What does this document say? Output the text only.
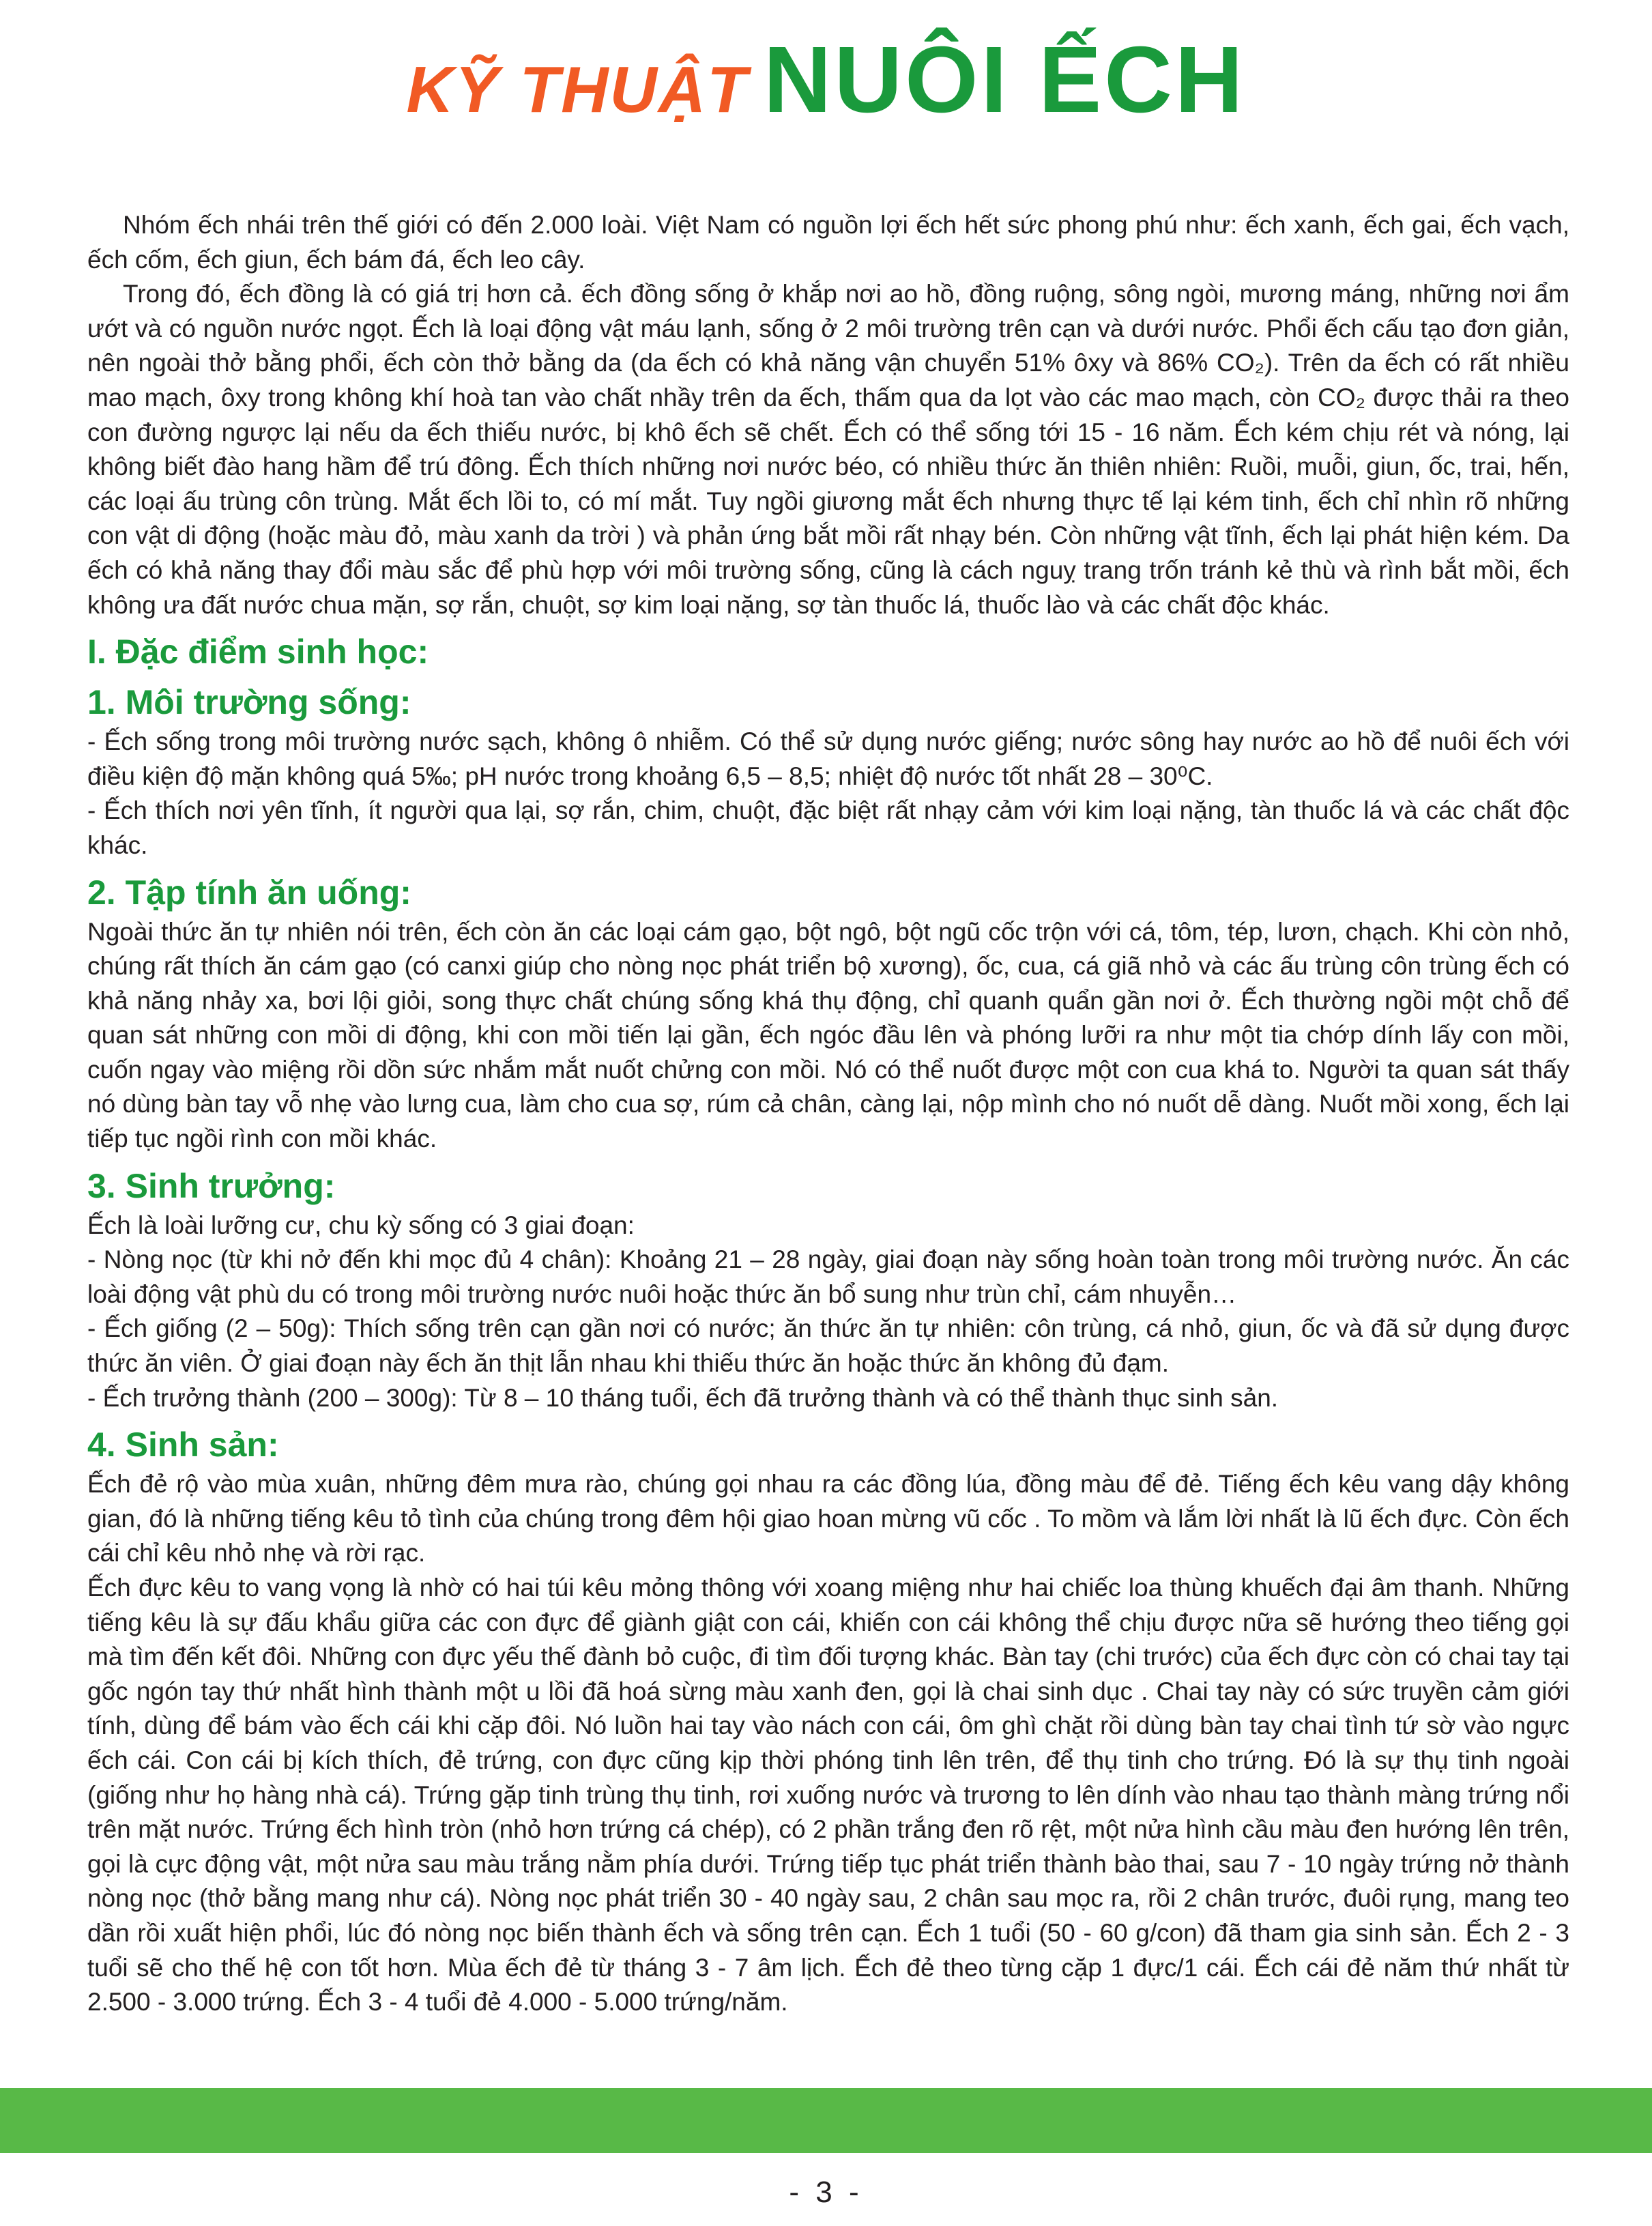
KỸ THUẬT NUÔI ẾCH

Nhóm ếch nhái trên thế giới có đến 2.000 loài. Việt Nam có nguồn lợi ếch hết sức phong phú như: ếch xanh, ếch gai, ếch vạch, ếch cốm, ếch giun, ếch bám đá, ếch leo cây.

Trong đó, ếch đồng là có giá trị hơn cả. ếch đồng sống ở khắp nơi ao hồ, đồng ruộng, sông ngòi, mương máng, những nơi ẩm ướt và có nguồn nước ngọt. Ếch là loại động vật máu lạnh, sống ở 2 môi trường trên cạn và dưới nước. Phổi ếch cấu tạo đơn giản, nên ngoài thở bằng phổi, ếch còn thở bằng da (da ếch có khả năng vận chuyển 51% ôxy và 86% CO₂). Trên da ếch có rất nhiều mao mạch, ôxy trong không khí hoà tan vào chất nhầy trên da ếch, thấm qua da lọt vào các mao mạch, còn CO₂ được thải ra theo con đường ngược lại nếu da ếch thiếu nước, bị khô ếch sẽ chết. Ếch có thể sống tới 15 - 16 năm. Ếch kém chịu rét và nóng, lại không biết đào hang hầm để trú đông. Ếch thích những nơi nước béo, có nhiều thức ăn thiên nhiên: Ruồi, muỗi, giun, ốc, trai, hến, các loại ấu trùng côn trùng. Mắt ếch lồi to, có mí mắt. Tuy ngồi giương mắt ếch nhưng thực tế lại kém tinh, ếch chỉ nhìn rõ những con vật di động (hoặc màu đỏ, màu xanh da trời ) và phản ứng bắt mồi rất nhạy bén. Còn những vật tĩnh, ếch lại phát hiện kém. Da ếch có khả năng thay đổi màu sắc để phù hợp với môi trường sống, cũng là cách nguỵ trang trốn tránh kẻ thù và rình bắt mồi, ếch không ưa đất nước chua mặn, sợ rắn, chuột, sợ kim loại nặng, sợ tàn thuốc lá, thuốc lào và các chất độc khác.

I. Đặc điểm sinh học:
1. Môi trường sống:

- Ếch sống trong môi trường nước sạch, không ô nhiễm. Có thể sử dụng nước giếng; nước sông hay nước ao hồ để nuôi ếch với điều kiện độ mặn không quá 5‰; pH nước trong khoảng 6,5 – 8,5; nhiệt độ nước tốt nhất 28 – 30⁰C.

- Ếch thích nơi yên tĩnh, ít người qua lại, sợ rắn, chim, chuột, đặc biệt rất nhạy cảm với kim loại nặng, tàn thuốc lá và các chất độc khác.

2. Tập tính ăn uống:

Ngoài thức ăn tự nhiên nói trên, ếch còn ăn các loại cám gạo, bột ngô, bột ngũ cốc trộn với cá, tôm, tép, lươn, chạch. Khi còn nhỏ, chúng rất thích ăn cám gạo (có canxi giúp cho nòng nọc phát triển bộ xương), ốc, cua, cá giã nhỏ và các ấu trùng côn trùng ếch có khả năng nhảy xa, bơi lội giỏi, song thực chất chúng sống khá thụ động, chỉ quanh quẩn gần nơi ở. Ếch thường ngồi một chỗ để quan sát những con mồi di động, khi con mồi tiến lại gần, ếch ngóc đầu lên và phóng lưỡi ra như một tia chớp dính lấy con mồi, cuốn ngay vào miệng rồi dồn sức nhắm mắt nuốt chửng con mồi. Nó có thể nuốt được một con cua khá to. Người ta quan sát thấy nó dùng bàn tay vỗ nhẹ vào lưng cua, làm cho cua sợ, rúm cả chân, càng lại, nộp mình cho nó nuốt dễ dàng. Nuốt mồi xong, ếch lại tiếp tục ngồi rình con mồi khác.

3. Sinh trưởng:

Ếch là loài lưỡng cư, chu kỳ sống có 3 giai đoạn:

- Nòng nọc (từ khi nở đến khi mọc đủ 4 chân): Khoảng 21 – 28 ngày, giai đoạn này sống hoàn toàn trong môi trường nước. Ăn các loài động vật phù du có trong môi trường nước nuôi hoặc thức ăn bổ sung như trùn chỉ, cám nhuyễn…

- Ếch giống (2 – 50g): Thích sống trên cạn gần nơi có nước; ăn thức ăn tự nhiên: côn trùng, cá nhỏ, giun, ốc và đã sử dụng được thức ăn viên. Ở giai đoạn này ếch ăn thịt lẫn nhau khi thiếu thức ăn hoặc thức ăn không đủ đạm.

- Ếch trưởng thành (200 – 300g): Từ 8 – 10 tháng tuổi, ếch đã trưởng thành và có thể thành thục sinh sản.

4. Sinh sản:

Ếch đẻ rộ vào mùa xuân, những đêm mưa rào, chúng gọi nhau ra các đồng lúa, đồng màu để đẻ. Tiếng ếch kêu vang dậy không gian, đó là những tiếng kêu tỏ tình của chúng trong đêm hội giao hoan mừng vũ cốc . To mồm và lắm lời nhất là lũ ếch đực. Còn ếch cái chỉ kêu nhỏ nhẹ và rời rạc.

Ếch đực kêu to vang vọng là nhờ có hai túi kêu mỏng thông với xoang miệng như hai chiếc loa thùng khuếch đại âm thanh. Những tiếng kêu là sự đấu khẩu giữa các con đực để giành giật con cái, khiến con cái không thể chịu được nữa sẽ hướng theo tiếng gọi mà tìm đến kết đôi. Những con đực yếu thế đành bỏ cuộc, đi tìm đối tượng khác. Bàn tay (chi trước) của ếch đực còn có chai tay tại gốc ngón tay thứ nhất hình thành một u lồi đã hoá sừng màu xanh đen, gọi là chai sinh dục . Chai tay này có sức truyền cảm giới tính, dùng để bám vào ếch cái khi cặp đôi. Nó luồn hai tay vào nách con cái, ôm ghì chặt rồi dùng bàn tay chai tình tứ sờ vào ngực ếch cái. Con cái bị kích thích, đẻ trứng, con đực cũng kịp thời phóng tinh lên trên, để thụ tinh cho trứng. Đó là sự thụ tinh ngoài (giống như họ hàng nhà cá). Trứng gặp tinh trùng thụ tinh, rơi xuống nước và trương to lên dính vào nhau tạo thành màng trứng nổi trên mặt nước. Trứng ếch hình tròn (nhỏ hơn trứng cá chép), có 2 phần trắng đen rõ rệt, một nửa hình cầu màu đen hướng lên trên, gọi là cực động vật, một nửa sau màu trắng nằm phía dưới. Trứng tiếp tục phát triển thành bào thai, sau 7 - 10 ngày trứng nở thành nòng nọc (thở bằng mang như cá). Nòng nọc phát triển 30 - 40 ngày sau, 2 chân sau mọc ra, rồi 2 chân trước, đuôi rụng, mang teo dần rồi xuất hiện phổi, lúc đó nòng nọc biến thành ếch và sống trên cạn. Ếch 1 tuổi (50 - 60 g/con) đã tham gia sinh sản. Ếch 2 - 3 tuổi sẽ cho thế hệ con tốt hơn. Mùa ếch đẻ từ tháng 3 - 7 âm lịch. Ếch đẻ theo từng cặp 1 đực/1 cái. Ếch cái đẻ năm thứ nhất từ 2.500 - 3.000 trứng. Ếch 3 - 4 tuổi đẻ 4.000 - 5.000 trứng/năm.

- 3 -
